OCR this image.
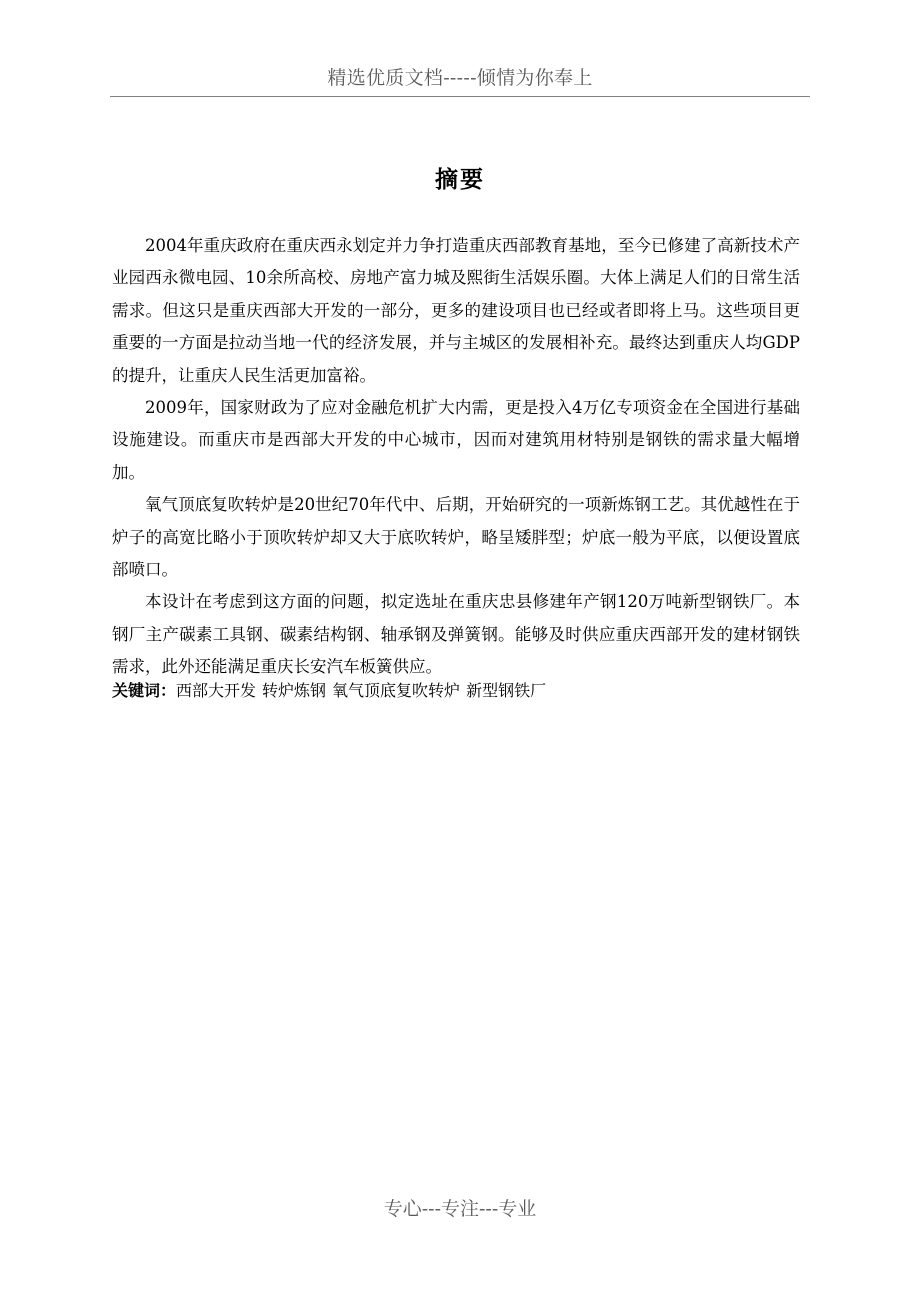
精选优质文档-----倾情为你奉上
摘要

2004年重庆政府在重庆西永划定并力争打造重庆西部教育基地，至今已修建了高新技术产业园西永微电园、10余所高校、房地产富力城及熙街生活娱乐圈。大体上满足人们的日常生活需求。但这只是重庆西部大开发的一部分，更多的建设项目也已经或者即将上马。这些项目更重要的一方面是拉动当地一代的经济发展，并与主城区的发展相补充。最终达到重庆人均GDP的提升，让重庆人民生活更加富裕。

2009年，国家财政为了应对金融危机扩大内需，更是投入4万亿专项资金在全国进行基础设施建设。而重庆市是西部大开发的中心城市，因而对建筑用材特别是钢铁的需求量大幅增加。

氧气顶底复吹转炉是20世纪70年代中、后期，开始研究的一项新炼钢工艺。其优越性在于炉子的高宽比略小于顶吹转炉却又大于底吹转炉，略呈矮胖型；炉底一般为平底，以便设置底部喷口。

本设计在考虑到这方面的问题，拟定选址在重庆忠县修建年产钢120万吨新型钢铁厂。本钢厂主产碳素工具钢、碳素结构钢、轴承钢及弹簧钢。能够及时供应重庆西部开发的建材钢铁需求，此外还能满足重庆长安汽车板簧供应。

关键词：西部大开发 转炉炼钢 氧气顶底复吹转炉 新型钢铁厂

专心---专注---专业
